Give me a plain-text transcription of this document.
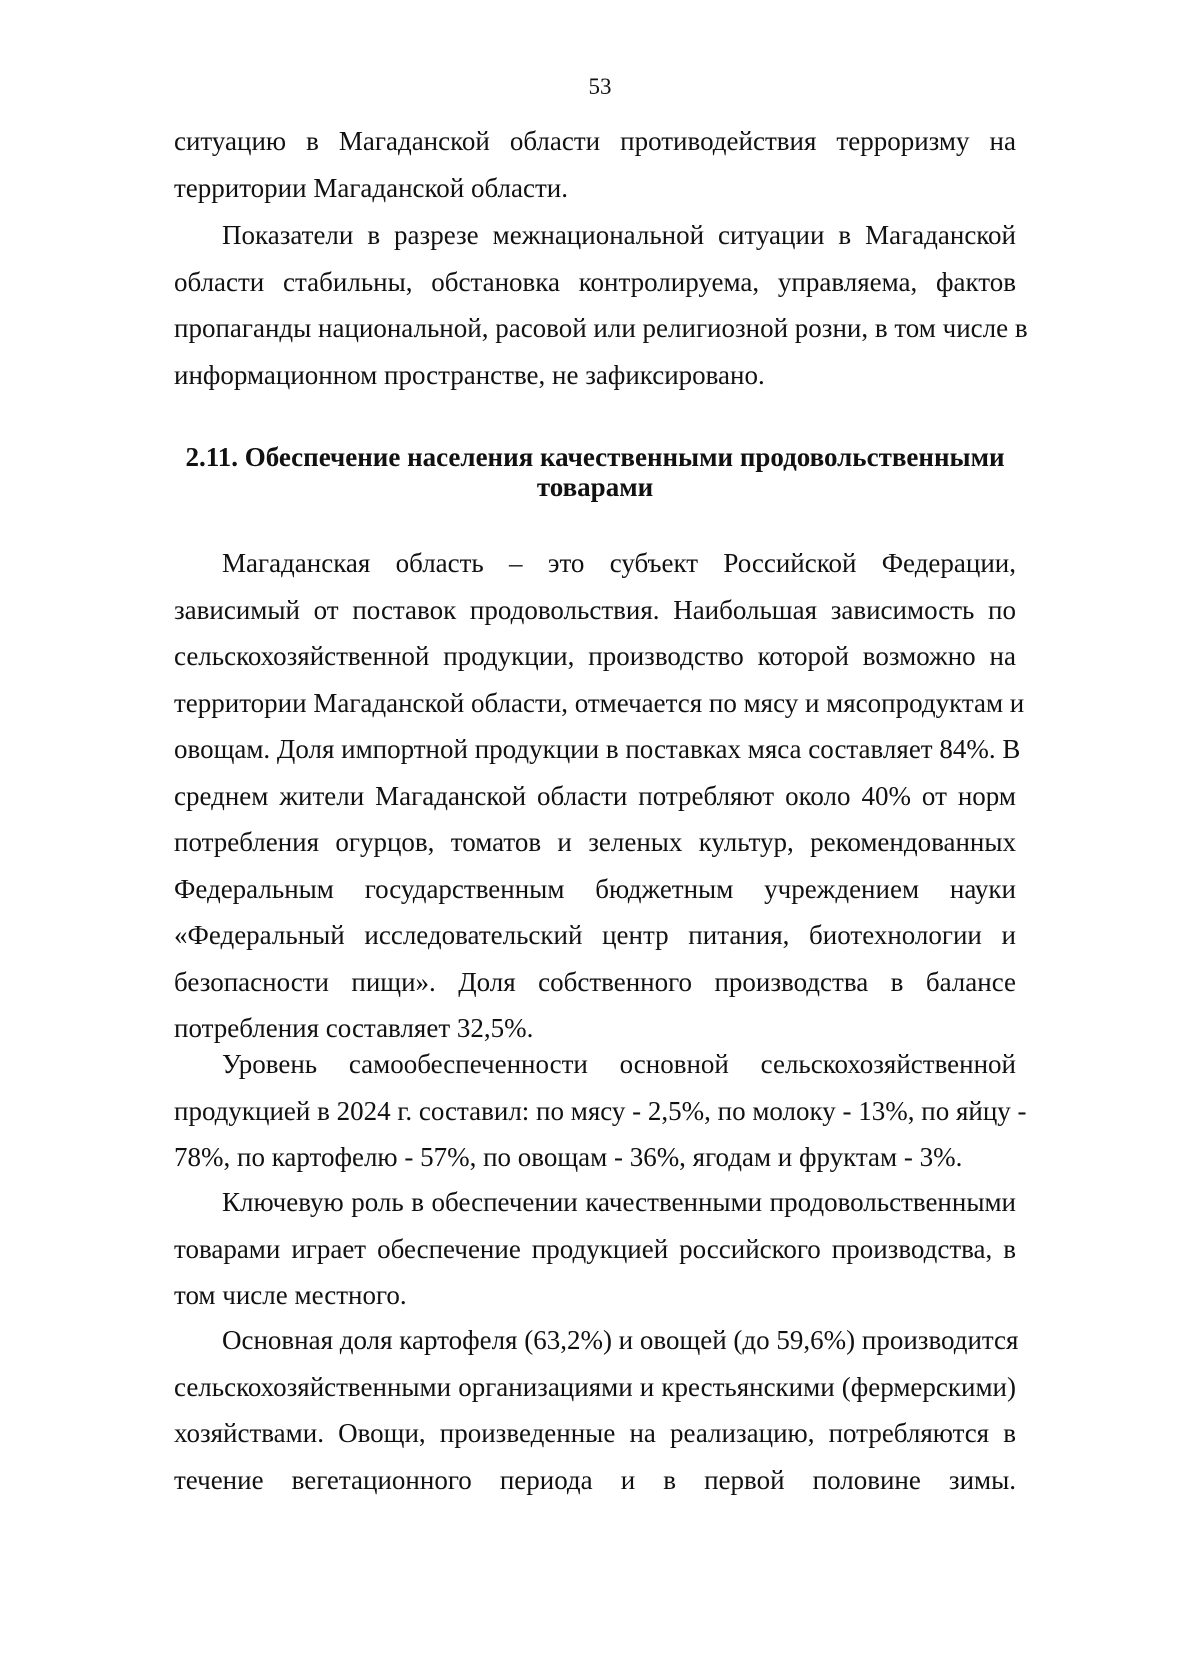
53

ситуацию в Магаданской области противодействия терроризму на
территории Магаданской области.

Показатели в разрезе межнациональной ситуации в Магаданской
области стабильны, обстановка контролируема, управляема, фактов
пропаганды национальной, расовой или религиозной розни, в том числе в
информационном пространстве, не зафиксировано.

2.11. Обеспечение населения качественными продовольственными
товарами

Магаданская область – это субъект Российской Федерации,
зависимый от поставок продовольствия. Наибольшая зависимость по
сельскохозяйственной продукции, производство которой возможно на
территории Магаданской области, отмечается по мясу и мясопродуктам и
овощам. Доля импортной продукции в поставках мяса составляет 84%. В
среднем жители Магаданской области потребляют около 40% от норм
потребления огурцов, томатов и зеленых культур, рекомендованных
Федеральным государственным бюджетным учреждением науки
«Федеральный исследовательский центр питания, биотехнологии и
безопасности пищи». Доля собственного производства в балансе
потребления составляет 32,5%.

Уровень самообеспеченности основной сельскохозяйственной
продукцией в 2024 г. составил: по мясу - 2,5%, по молоку - 13%, по яйцу -
78%, по картофелю - 57%, по овощам - 36%, ягодам и фруктам - 3%.

Ключевую роль в обеспечении качественными продовольственными
товарами играет обеспечение продукцией российского производства, в
том числе местного.

Основная доля картофеля (63,2%) и овощей (до 59,6%) производится
сельскохозяйственными организациями и крестьянскими (фермерскими)
хозяйствами. Овощи, произведенные на реализацию, потребляются в
течение вегетационного периода и в первой половине зимы.
